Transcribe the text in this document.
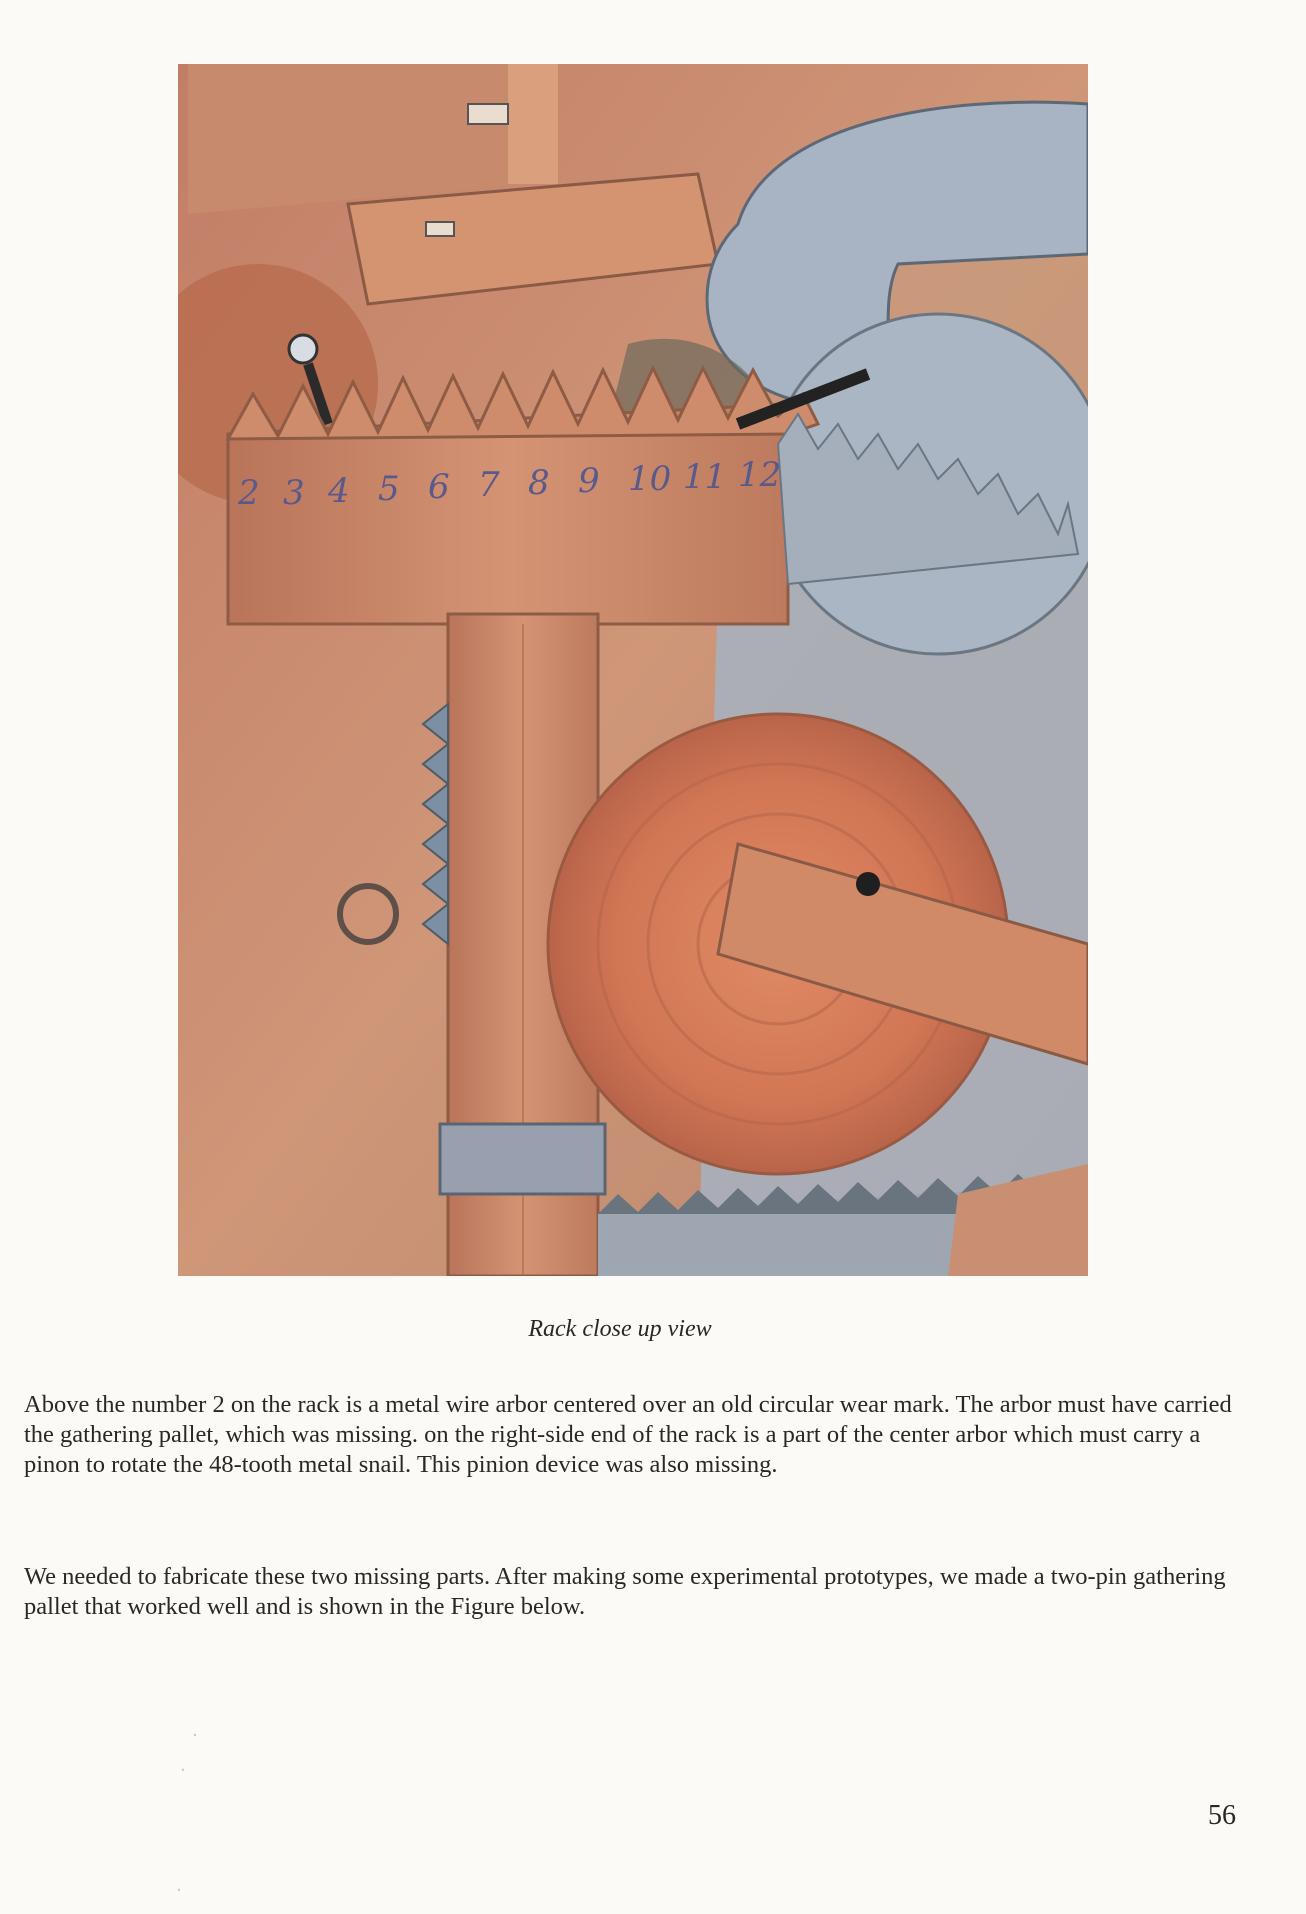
2 3 4 5 6 7 8 9 10 11 12
Rack close up view

Above the number 2 on the rack is a metal wire arbor centered over an old circular wear mark. The arbor must have carried the gathering pallet, which was missing. on the right-side end of the rack is a part of the center arbor which must carry a pinon to rotate the 48-tooth metal snail. This pinion device was also missing.

We needed to fabricate these two missing parts. After making some experimental prototypes, we made a two-pin gathering pallet that worked well and is shown in the Figure below.

56
·
·
·
